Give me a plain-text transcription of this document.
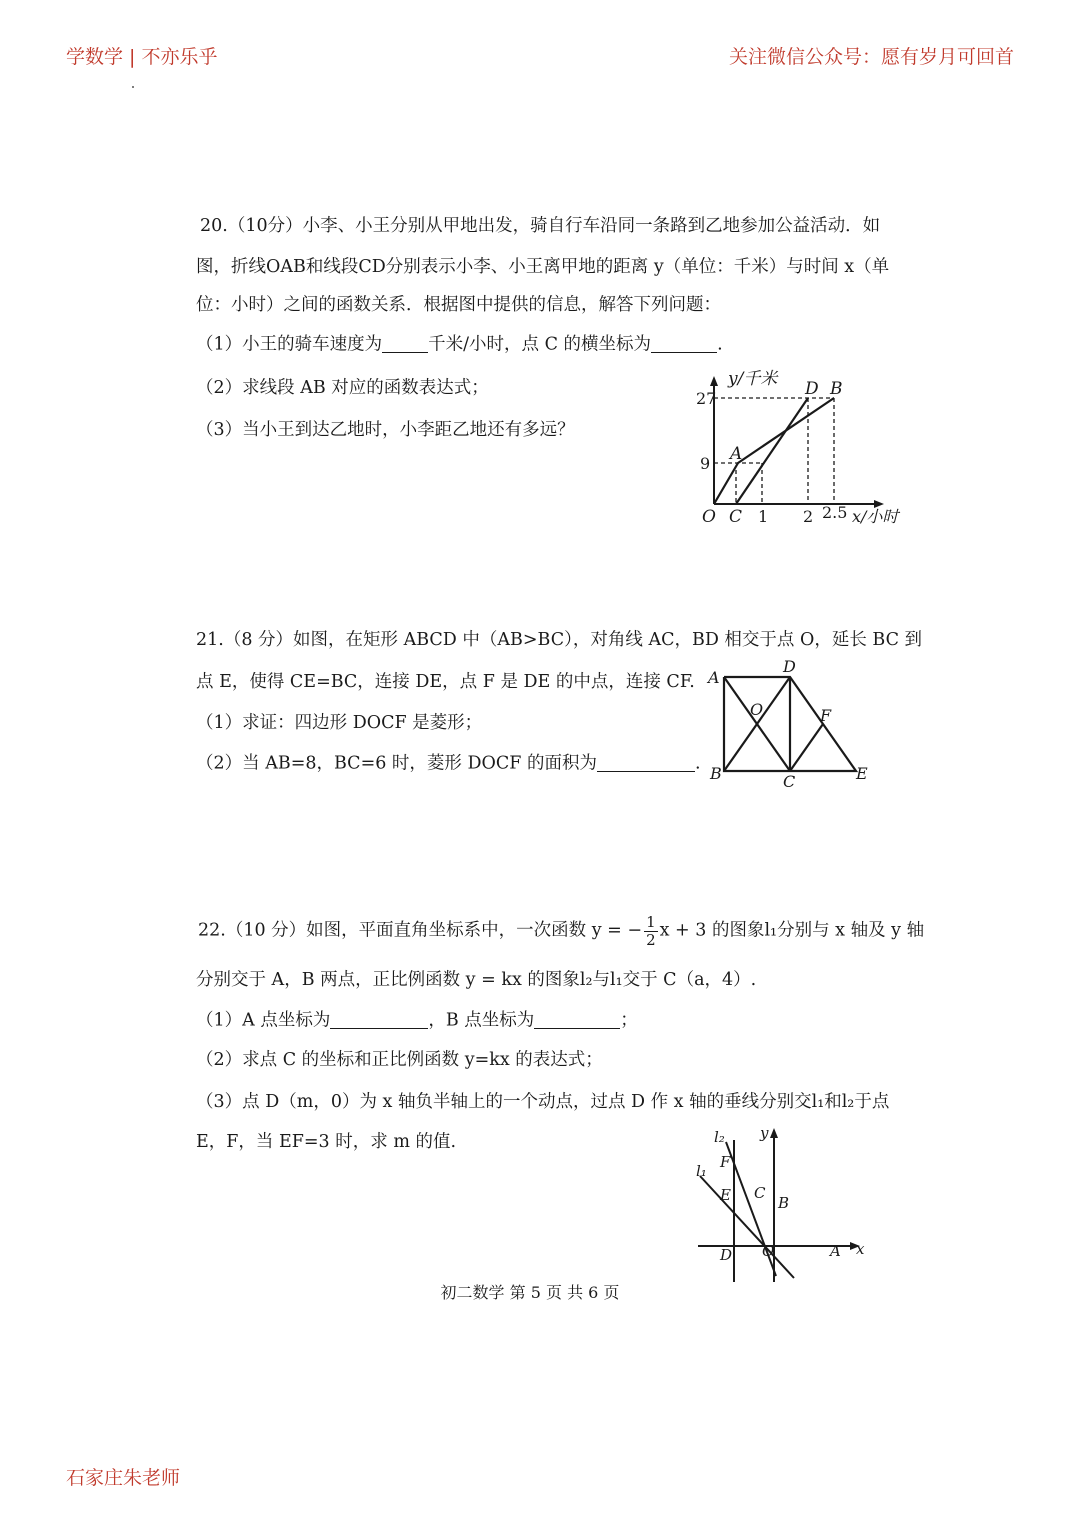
学数学 | 不亦乐乎	关注微信公众号：愿有岁月可回首
20.（10分）小李、小王分别从甲地出发，骑自行车沿同一条路到乙地参加公益活动．如
图，折线OAB和线段CD分别表示小李、小王离甲地的距离 y（单位：千米）与时间 x（单
位：小时）之间的函数关系．根据图中提供的信息，解答下列问题：
（1）小王的骑车速度为	千米/小时，点 C 的横坐标为	.
（2）求线段 AB 对应的函数表达式；
（3）当小王到达乙地时，小李距乙地还有多远？
y/千米
27
9
O C 1 2 2.5 x/小时
A
D B
21.（8 分）如图，在矩形 ABCD 中（AB>BC），对角线 AC，BD 相交于点 O，延长 BC 到
点 E，使得 CE=BC，连接 DE，点 F 是 DE 的中点，连接 CF.
（1）求证：四边形 DOCF 是菱形；
（2）当 AB=8，BC=6 时，菱形 DOCF 的面积为	.
A
D
O	F
B	C	E
22.（10 分）如图，平面直角坐标系中，一次函数 y = − $\frac{1}{2}$ x + 3 的图象l₁分别与 x 轴及 y 轴
分别交于 A，B 两点，正比例函数 y = kx 的图象l₂与l₁交于 C（a，4）.
（1）A 点坐标为	，B 点坐标为	；
（2）求点 C 的坐标和正比例函数 y=kx 的表达式；
（3）点 D（m，0）为 x 轴负半轴上的一个动点，过点 D 作 x 轴的垂线分别交l₁和l₂于点
E，F，当 EF=3 时，求 m 的值.	l₂ y
F
l₁
E C
B
D O	A x
初二数学 第 5 页 共 6 页
石家庄朱老师
